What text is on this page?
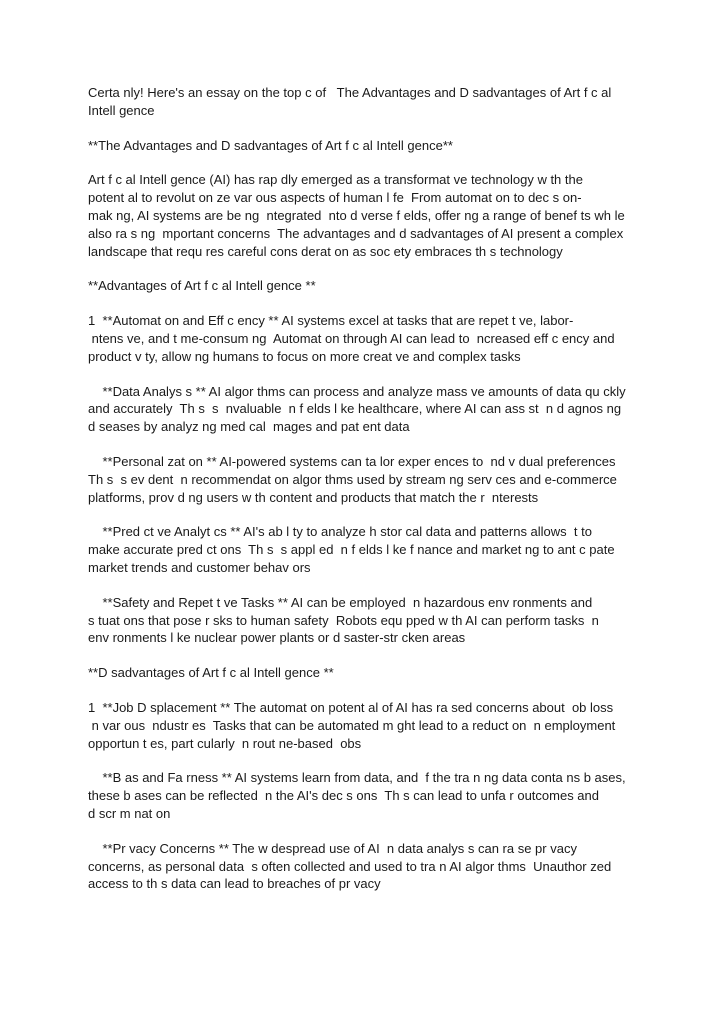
Certa nly! Here's an essay on the top c of   The Advantages and D sadvantages of Art f c al
Intell gence

**The Advantages and D sadvantages of Art f c al Intell gence**

Art f c al Intell gence (AI) has rap dly emerged as a transformat ve technology w th the
potent al to revolut on ze var ous aspects of human l fe  From automat on to dec s on-
mak ng, AI systems are be ng  ntegrated  nto d verse f elds, offer ng a range of benef ts wh le
also ra s ng  mportant concerns  The advantages and d sadvantages of AI present a complex
landscape that requ res careful cons derat on as soc ety embraces th s technology

**Advantages of Art f c al Intell gence **

1  **Automat on and Eff c ency ** AI systems excel at tasks that are repet t ve, labor-
ntens ve, and t me-consum ng  Automat on through AI can lead to  ncreased eff c ency and
product v ty, allow ng humans to focus on more creat ve and complex tasks

**Data Analys s ** AI algor thms can process and analyze mass ve amounts of data qu ckly
and accurately  Th s  s  nvaluable  n f elds l ke healthcare, where AI can ass st  n d agnos ng
d seases by analyz ng med cal  mages and pat ent data

**Personal zat on ** AI-powered systems can ta lor exper ences to  nd v dual preferences
Th s  s ev dent  n recommendat on algor thms used by stream ng serv ces and e-commerce
platforms, prov d ng users w th content and products that match the r  nterests

**Pred ct ve Analyt cs ** AI's ab l ty to analyze h stor cal data and patterns allows  t to
make accurate pred ct ons  Th s  s appl ed  n f elds l ke f nance and market ng to ant c pate
market trends and customer behav ors

**Safety and Repet t ve Tasks ** AI can be employed  n hazardous env ronments and
s tuat ons that pose r sks to human safety  Robots equ pped w th AI can perform tasks  n
env ronments l ke nuclear power plants or d saster-str cken areas

**D sadvantages of Art f c al Intell gence **

1  **Job D splacement ** The automat on potent al of AI has ra sed concerns about  ob loss
n var ous  ndustr es  Tasks that can be automated m ght lead to a reduct on  n employment
opportun t es, part cularly  n rout ne-based  obs

**B as and Fa rness ** AI systems learn from data, and  f the tra n ng data conta ns b ases,
these b ases can be reflected  n the AI's dec s ons  Th s can lead to unfa r outcomes and
d scr m nat on

**Pr vacy Concerns ** The w despread use of AI  n data analys s can ra se pr vacy
concerns, as personal data  s often collected and used to tra n AI algor thms  Unauthor zed
access to th s data can lead to breaches of pr vacy
